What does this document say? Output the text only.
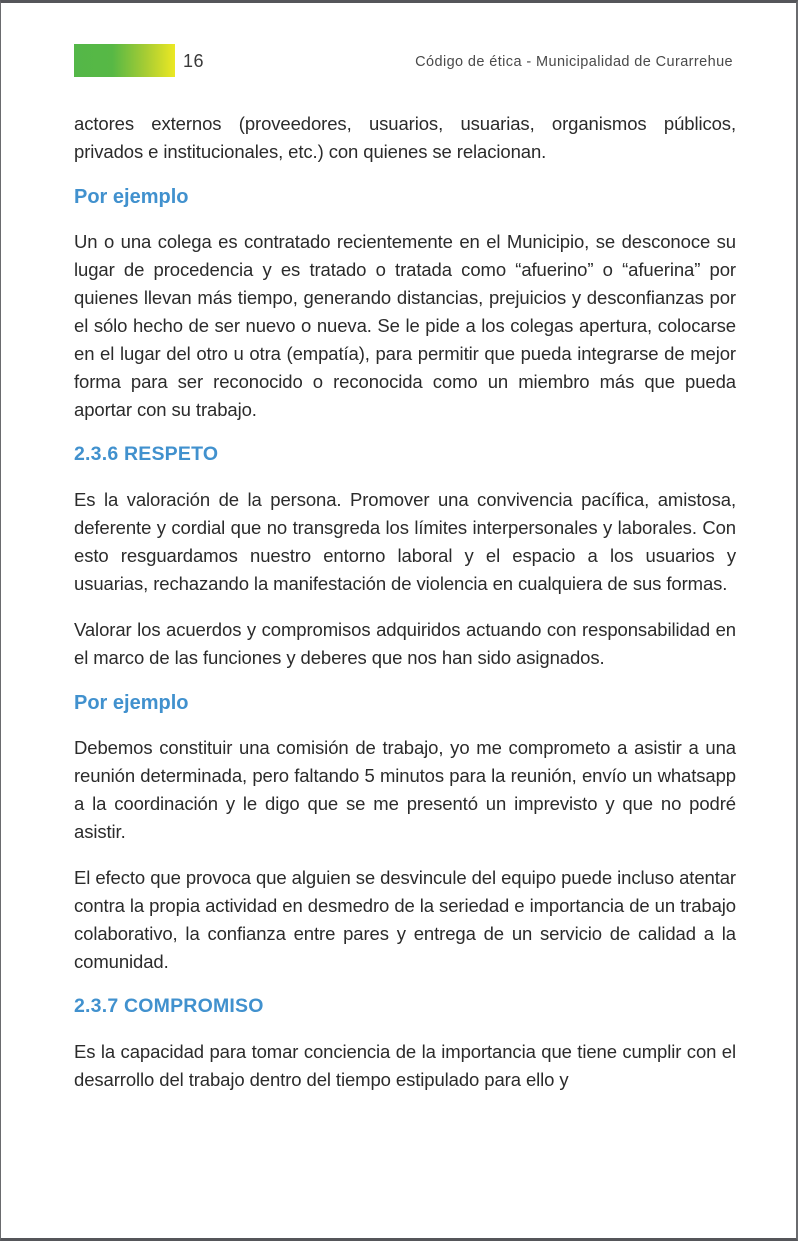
16	Código de ética - Municipalidad de Curarrehue

actores externos (proveedores, usuarios, usuarias, organismos públicos, privados e institucionales, etc.) con quienes se relacionan.

Por ejemplo

Un o una colega es contratado recientemente en el Municipio, se desconoce su lugar de procedencia y es tratado o tratada como “afuerino” o “afuerina” por quienes llevan más tiempo, generando distancias, prejuicios y desconfianzas por el sólo hecho de ser nuevo o nueva. Se le pide a los colegas apertura, colocarse en el lugar del otro u otra (empatía), para permitir que pueda integrarse de mejor forma para ser reconocido o reconocida como un miembro más que pueda aportar con su trabajo.

2.3.6 RESPETO

Es la valoración de la persona. Promover una convivencia pacífica, amistosa, deferente y cordial que no transgreda los límites interpersonales y laborales. Con esto resguardamos nuestro entorno laboral y el espacio a los usuarios y usuarias, rechazando la manifestación de violencia en cualquiera de sus formas.

Valorar los acuerdos y compromisos adquiridos actuando con responsabilidad en el marco de las funciones y deberes que nos han sido asignados.

Por ejemplo

Debemos constituir una comisión de trabajo, yo me comprometo a asistir a una reunión determinada, pero faltando 5 minutos para la reunión, envío un whatsapp a la coordinación y le digo que se me presentó un imprevisto y que no podré asistir.

El efecto que provoca que alguien se desvincule del equipo puede incluso atentar contra la propia actividad en desmedro de la seriedad e importancia de un trabajo colaborativo, la confianza entre pares y entrega de un servicio de calidad a la comunidad.

2.3.7 COMPROMISO

Es la capacidad para tomar conciencia de la importancia que tiene cumplir con el desarrollo del trabajo dentro del tiempo estipulado para ello y
